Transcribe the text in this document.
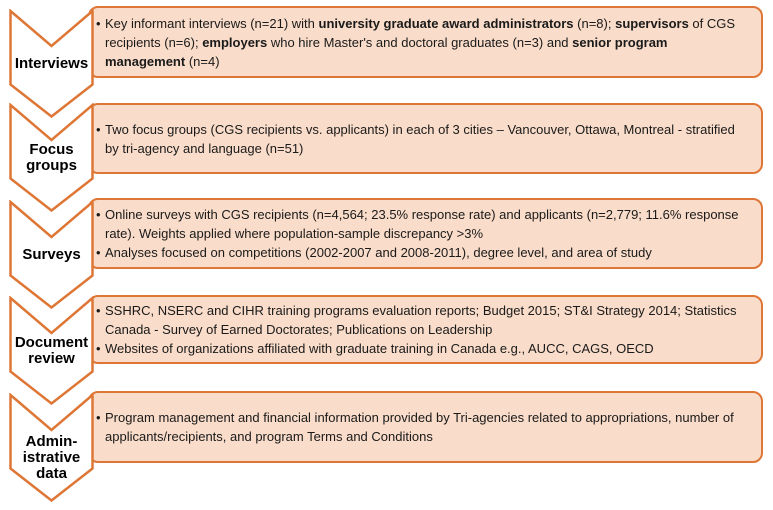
• Key informant interviews (n=21) with university graduate award administrators (n=8); supervisors of CGS recipients (n=6); employers who hire Master's and doctoral graduates (n=3) and senior program management (n=4)
Interviews
• Two focus groups (CGS recipients vs. applicants) in each of 3 cities – Vancouver, Ottawa, Montreal - stratified by tri-agency and language (n=51)
Focus
groups
• Online surveys with CGS recipients (n=4,564; 23.5% response rate) and applicants (n=2,779; 11.6% response rate). Weights applied where population-sample discrepancy >3%
• Analyses focused on competitions (2002-2007 and 2008-2011), degree level, and area of study
Surveys
• SSHRC, NSERC and CIHR training programs evaluation reports; Budget 2015; ST&I Strategy 2014; Statistics Canada - Survey of Earned Doctorates; Publications on Leadership
• Websites of organizations affiliated with graduate training in Canada e.g., AUCC, CAGS, OECD
Document
review
• Program management and financial information provided by Tri-agencies related to appropriations, number of applicants/recipients, and program Terms and Conditions
Admin-
istrative
data
